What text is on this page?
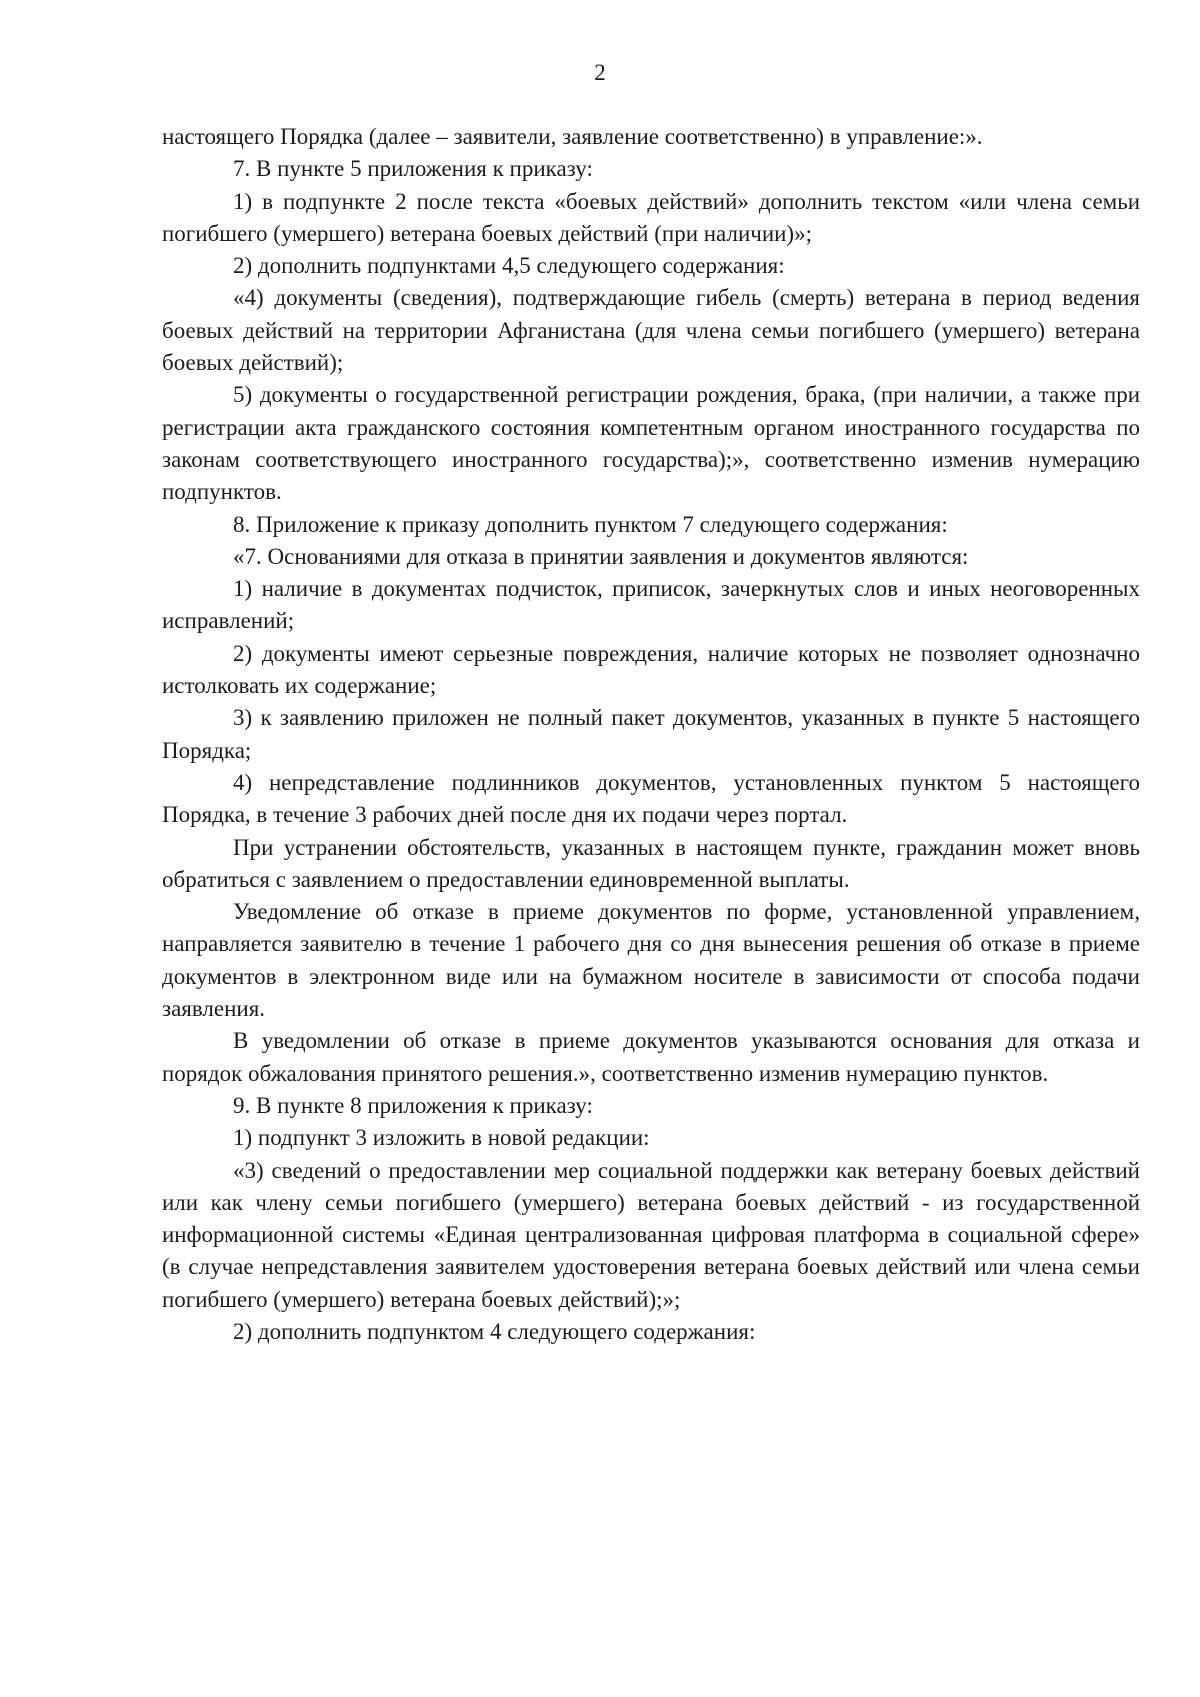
2

настоящего Порядка (далее – заявители, заявление соответственно) в управление:».

7. В пункте 5 приложения к приказу:

1) в подпункте 2 после текста «боевых действий» дополнить текстом «или члена семьи погибшего (умершего) ветерана боевых действий (при наличии)»;

2) дополнить подпунктами 4,5 следующего содержания:

«4) документы (сведения), подтверждающие гибель (смерть) ветерана в период ведения боевых действий на территории Афганистана (для члена семьи погибшего (умершего) ветерана боевых действий);

5) документы о государственной регистрации рождения, брака, (при наличии, а также при регистрации акта гражданского состояния компетентным органом иностранного государства по законам соответствующего иностранного государства);», соответственно изменив нумерацию подпунктов.

8. Приложение к приказу дополнить пунктом 7 следующего содержания:

«7. Основаниями для отказа в принятии заявления и документов являются:

1) наличие в документах подчисток, приписок, зачеркнутых слов и иных неоговоренных исправлений;

2) документы имеют серьезные повреждения, наличие которых не позволяет однозначно истолковать их содержание;

3) к заявлению приложен не полный пакет документов, указанных в пункте 5 настоящего Порядка;

4) непредставление подлинников документов, установленных пунктом 5 настоящего Порядка, в течение 3 рабочих дней после дня их подачи через портал.

При устранении обстоятельств, указанных в настоящем пункте, гражданин может вновь обратиться с заявлением о предоставлении единовременной выплаты.

Уведомление об отказе в приеме документов по форме, установленной управлением, направляется заявителю в течение 1 рабочего дня со дня вынесения решения об отказе в приеме документов в электронном виде или на бумажном носителе в зависимости от способа подачи заявления.

В уведомлении об отказе в приеме документов указываются основания для отказа и порядок обжалования принятого решения.», соответственно изменив нумерацию пунктов.

9. В пункте 8 приложения к приказу:

1) подпункт 3 изложить в новой редакции:

«3) сведений о предоставлении мер социальной поддержки как ветерану боевых действий или как члену семьи погибшего (умершего) ветерана боевых действий - из государственной информационной системы «Единая централизованная цифровая платформа в социальной сфере» (в случае непредставления заявителем удостоверения ветерана боевых действий или члена семьи погибшего (умершего) ветерана боевых действий);»;

2) дополнить подпунктом 4 следующего содержания:
